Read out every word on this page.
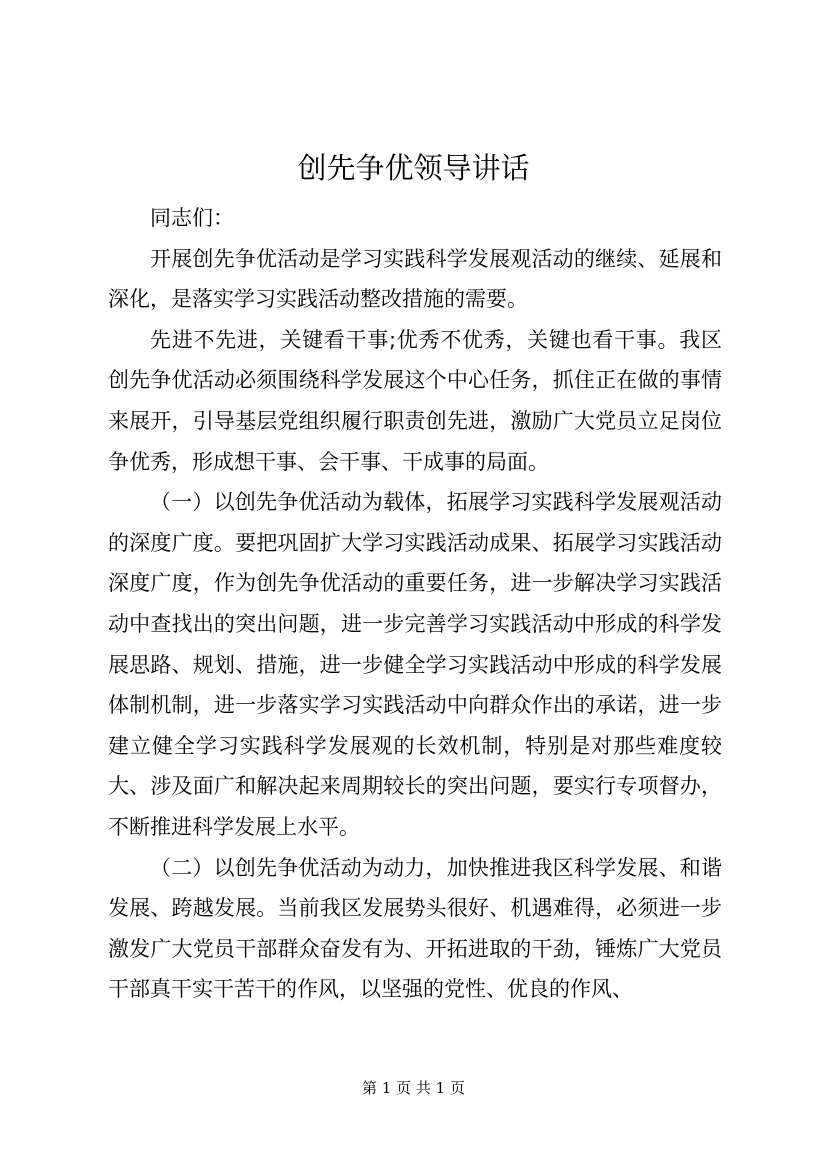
创先争优领导讲话

同志们：

开展创先争优活动是学习实践科学发展观活动的继续、延展和深化，是落实学习实践活动整改措施的需要。

先进不先进，关键看干事;优秀不优秀，关键也看干事。我区创先争优活动必须围绕科学发展这个中心任务，抓住正在做的事情来展开，引导基层党组织履行职责创先进，激励广大党员立足岗位争优秀，形成想干事、会干事、干成事的局面。

（一）以创先争优活动为载体，拓展学习实践科学发展观活动的深度广度。要把巩固扩大学习实践活动成果、拓展学习实践活动深度广度，作为创先争优活动的重要任务，进一步解决学习实践活动中查找出的突出问题，进一步完善学习实践活动中形成的科学发展思路、规划、措施，进一步健全学习实践活动中形成的科学发展体制机制，进一步落实学习实践活动中向群众作出的承诺，进一步建立健全学习实践科学发展观的长效机制，特别是对那些难度较大、涉及面广和解决起来周期较长的突出问题，要实行专项督办，不断推进科学发展上水平。

（二）以创先争优活动为动力，加快推进我区科学发展、和谐发展、跨越发展。当前我区发展势头很好、机遇难得，必须进一步激发广大党员干部群众奋发有为、开拓进取的干劲，锤炼广大党员干部真干实干苦干的作风，以坚强的党性、优良的作风、

第 1 页 共 1 页
